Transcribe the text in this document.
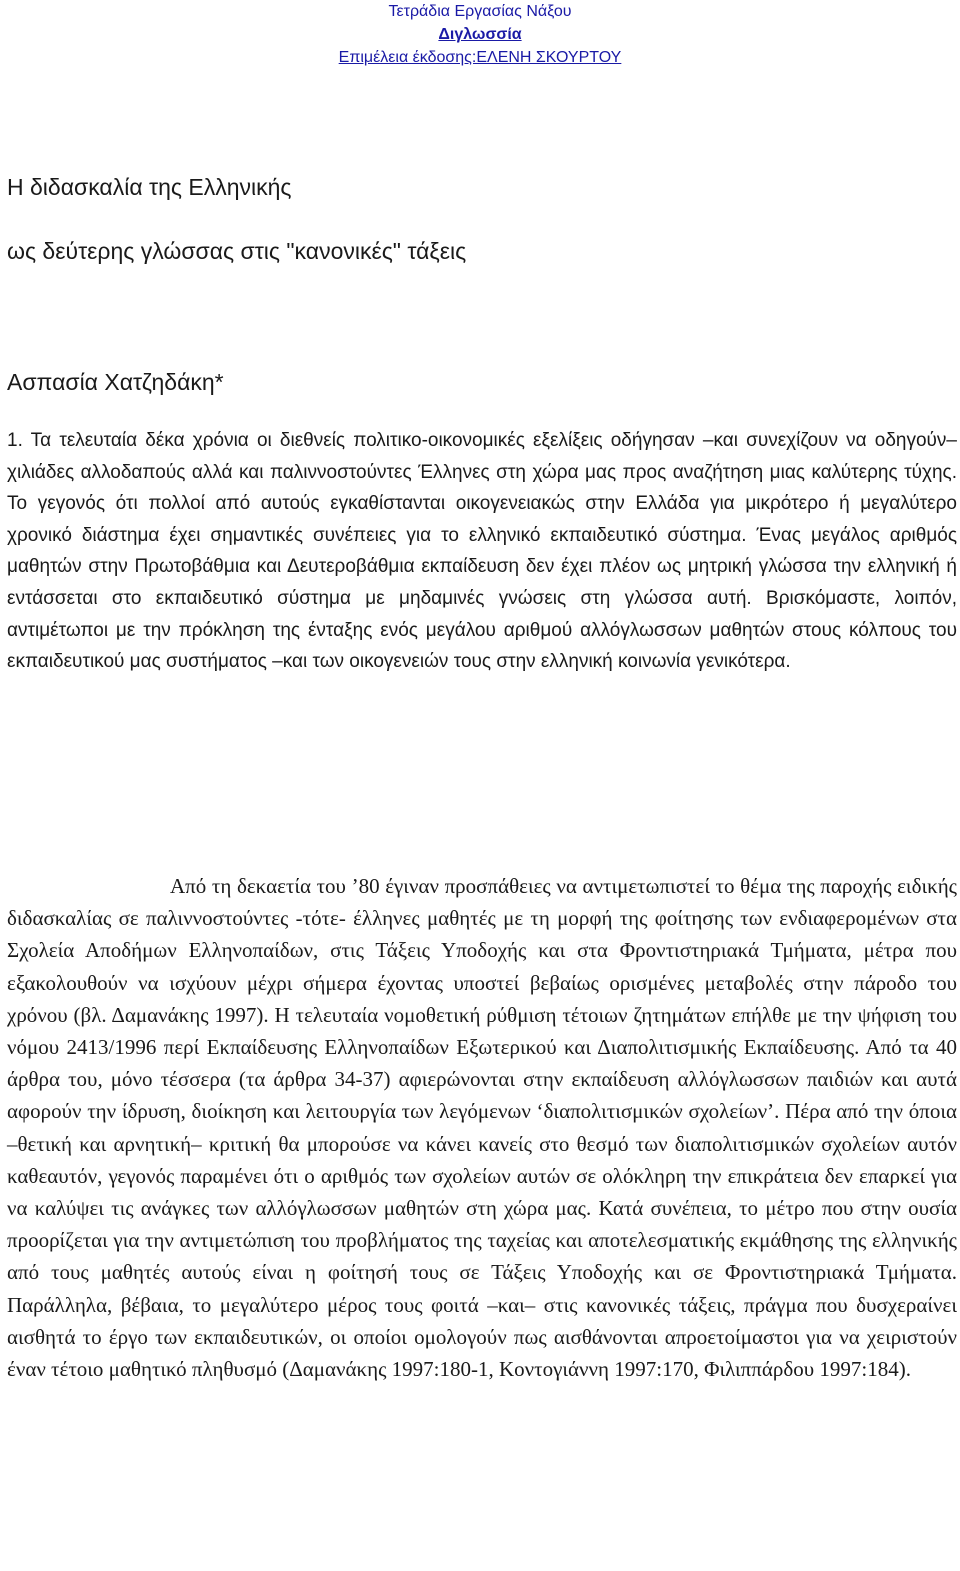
Τετράδια Εργασίας Νάξου
Διγλωσσία
Επιμέλεια έκδοσης:ΕΛΕΝΗ ΣΚΟΥΡΤΟΥ
Η διδασκαλία της Ελληνικής
ως δεύτερης γλώσσας στις "κανονικές" τάξεις
Ασπασία Χατζηδάκη*

1. Τα τελευταία δέκα χρόνια οι διεθνείς πολιτικο-οικονομικές εξελίξεις οδήγησαν –και συνεχίζουν να οδηγούν– χιλιάδες αλλοδαπούς αλλά και παλιννοστούντες Έλληνες στη χώρα μας προς αναζήτηση μιας καλύτερης τύχης. Το γεγονός ότι πολλοί από αυτούς εγκαθίστανται οικογενειακώς στην Ελλάδα για μικρότερο ή μεγαλύτερο χρονικό διάστημα έχει σημαντικές συνέπειες για το ελληνικό εκπαιδευτικό σύστημα. Ένας μεγάλος αριθμός μαθητών στην Πρωτοβάθμια και Δευτεροβάθμια εκπαίδευση δεν έχει πλέον ως μητρική γλώσσα την ελληνική ή εντάσσεται στο εκπαιδευτικό σύστημα με μηδαμινές γνώσεις στη γλώσσα αυτή. Βρισκόμαστε, λοιπόν, αντιμέτωποι με την πρόκληση της ένταξης ενός μεγάλου αριθμού αλλόγλωσσων μαθητών στους κόλπους του εκπαιδευτικού μας συστήματος –και των οικογενειών τους στην ελληνική κοινωνία γενικότερα.

Από τη δεκαετία του ’80 έγιναν προσπάθειες να αντιμετωπιστεί το θέμα της παροχής ειδικής διδασκαλίας σε παλιννοστούντες -τότε- έλληνες μαθητές με τη μορφή της φοίτησης των ενδιαφερομένων στα Σχολεία Αποδήμων Ελληνοπαίδων, στις Τάξεις Υποδοχής και στα Φροντιστηριακά Τμήματα, μέτρα που εξακολουθούν να ισχύουν μέχρι σήμερα έχοντας υποστεί βεβαίως ορισμένες μεταβολές στην πάροδο του χρόνου (βλ. Δαμανάκης 1997). Η τελευταία νομοθετική ρύθμιση τέτοιων ζητημάτων επήλθε με την ψήφιση του νόμου 2413/1996 περί Εκπαίδευσης Ελληνοπαίδων Εξωτερικού και Διαπολιτισμικής Εκπαίδευσης. Από τα 40 άρθρα του, μόνο τέσσερα (τα άρθρα 34-37) αφιερώνονται στην εκπαίδευση αλλόγλωσσων παιδιών και αυτά αφορούν την ίδρυση, διοίκηση και λειτουργία των λεγόμενων ‘διαπολιτισμικών σχολείων’. Πέρα από την όποια –θετική και αρνητική– κριτική θα μπορούσε να κάνει κανείς στο θεσμό των διαπολιτισμικών σχολείων αυτόν καθεαυτόν, γεγονός παραμένει ότι ο αριθμός των σχολείων αυτών σε ολόκληρη την επικράτεια δεν επαρκεί για να καλύψει τις ανάγκες των αλλόγλωσσων μαθητών στη χώρα μας. Κατά συνέπεια, το μέτρο που στην ουσία προορίζεται για την αντιμετώπιση του προβλήματος της ταχείας και αποτελεσματικής εκμάθησης της ελληνικής από τους μαθητές αυτούς είναι η φοίτησή τους σε Τάξεις Υποδοχής και σε Φροντιστηριακά Τμήματα. Παράλληλα, βέβαια, το μεγαλύτερο μέρος τους φοιτά –και– στις κανονικές τάξεις, πράγμα που δυσχεραίνει αισθητά το έργο των εκπαιδευτικών, οι οποίοι ομολογούν πως αισθάνονται απροετοίμαστοι για να χειριστούν έναν τέτοιο μαθητικό πληθυσμό (Δαμανάκης 1997:180-1, Κοντογιάννη 1997:170, Φιλιππάρδου 1997:184).
